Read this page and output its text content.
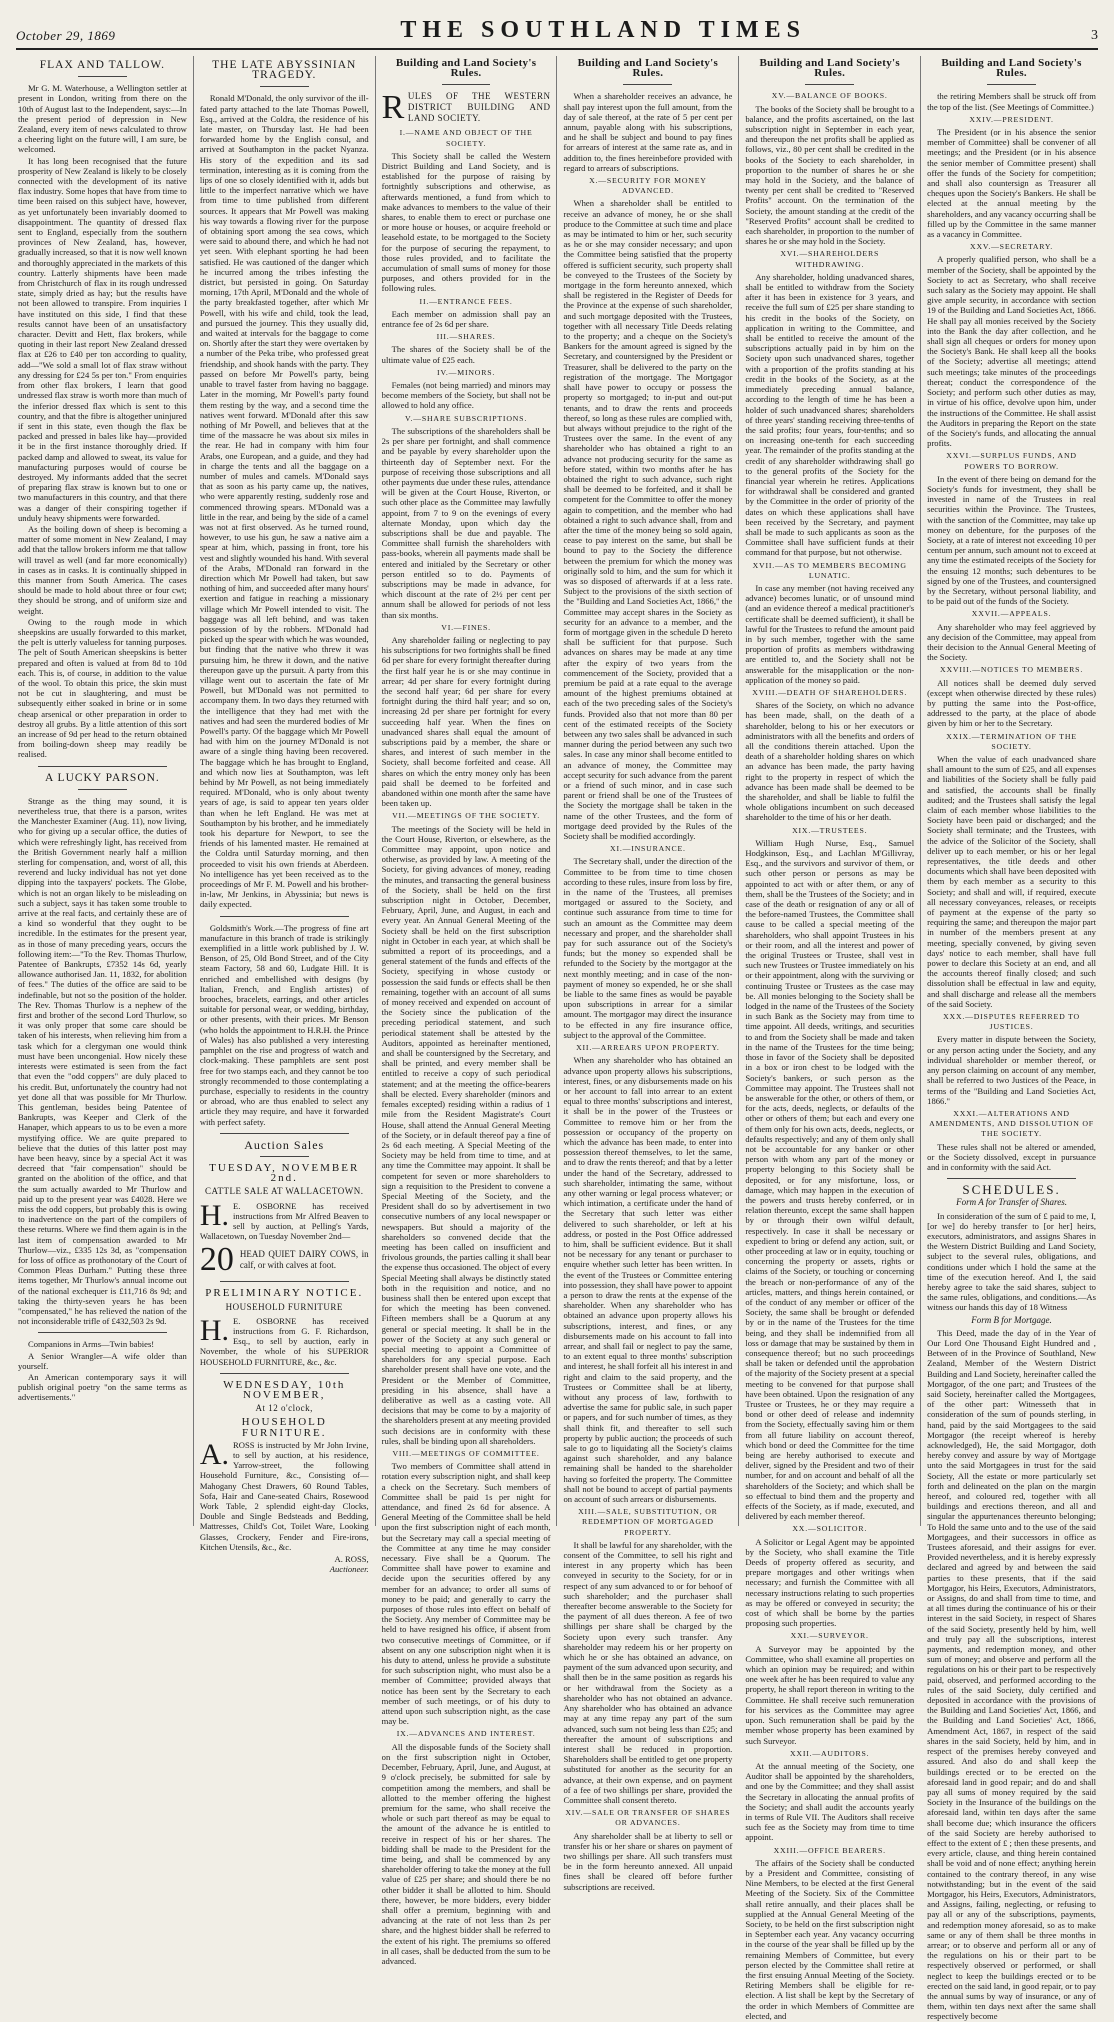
October 29, 1869	THE SOUTHLAND TIMES	3
FLAX AND TALLOW.

Mr G. M. Waterhouse, a Wellington settler at present in London, writing from there on the 10th of August last to the Independent, says:—In the present period of depression in New Zealand, every item of news calculated to throw a cheering light on the future will, I am sure, be welcomed.

It has long been recognised that the future prosperity of New Zealand is likely to be closely connected with the development of its native flax industry. Some hopes that have from time to time been raised on this subject have, however, as yet unfortunately been invariably doomed to disappointment. The quantity of dressed flax sent to England, especially from the southern provinces of New Zealand, has, however, gradually increased, so that it is now well known and thoroughly appreciated in the markets of this country. Latterly shipments have been made from Christchurch of flax in its rough undressed state, simply dried as hay; but the results have not been allowed to transpire. From inquiries I have instituted on this side, I find that these results cannot have been of an unsatisfactory character. Devitt and Hett, flax brokers, while quoting in their last report New Zealand dressed flax at £26 to £40 per ton according to quality, add—"We sold a small lot of flax straw without any dressing for £24 5s per ton." From enquiries from other flax brokers, I learn that good undressed flax straw is worth more than much of the inferior dressed flax which is sent to this country, and that the fibre is altogether uninjured if sent in this state, even though the flax be packed and pressed in bales like hay—provided it be in the first instance thoroughly dried. If packed damp and allowed to sweat, its value for manufacturing purposes would of course be destroyed. My informants added that the secret of preparing flax straw is known but to one or two manufacturers in this country, and that there was a danger of their conspiring together if unduly heavy shipments were forwarded.

As the boiling down of sheep is becoming a matter of some moment in New Zealand, I may add that the tallow brokers inform me that tallow will travel as well (and far more economically) in cases as in casks. It is continually shipped in this manner from South America. The cases should be made to hold about three or four cwt; they should be strong, and of uniform size and weight.

Owing to the rough mode in which sheepskins are usually forwarded to this market, the pelt is utterly valueless for tanning purposes. The pelt of South American sheepskins is better prepared and often is valued at from 8d to 10d each. This is, of course, in addition to the value of the wool. To obtain this price, the skin must not be cut in slaughtering, and must be subsequently either soaked in brine or in some cheap arsenical or other preparation in order to destroy all grubs. By a little attention of this sort an increase of 9d per head to the return obtained from boiling-down sheep may readily be realised.

A LUCKY PARSON.

Strange as the thing may sound, it is nevertheless true, that there is a parson, writes the Manchester Examiner (Aug. 11), now living, who for giving up a secular office, the duties of which were refreshingly light, has received from the British Government nearly half a million sterling for compensation, and, worst of all, this reverend and lucky individual has not yet done dipping into the taxpayers' pockets. The Globe, which is not an organ likely to be misleading on such a subject, says it has taken some trouble to arrive at the real facts, and certainly these are of a kind so wonderful that they ought to be incredible. In the estimates for the present year, as in those of many preceding years, occurs the following item:—"To the Rev. Thomas Thurlow, Patentee of Bankrupts, £7352 14s 6d, yearly allowance authorised Jan. 11, 1832, for abolition of fees." The duties of the office are said to be indefinable, but not so the position of the holder. The Rev. Thomas Thurlow is a nephew of the first and brother of the second Lord Thurlow, so it was only proper that some care should be taken of his interests, when relieving him from a task which for a clergyman one would think must have been uncongenial. How nicely these interests were estimated is seen from the fact that even the "odd coppers" are duly placed to his credit. But, unfortunately the country had not yet done all that was possible for Mr Thurlow. This gentleman, besides being Patentee of Bankrupts, was Keeper and Clerk of the Hanaper, which appears to us to be even a more mystifying office. We are quite prepared to believe that the duties of this latter post may have been heavy, since by a special Act it was decreed that "fair compensation" should be granted on the abolition of the office, and that the sum actually awarded to Mr Thurlow and paid up to the present year was £4028. Here we miss the odd coppers, but probably this is owing to inadvertence on the part of the compilers of these returns. Where we find them again is in the last item of compensation awarded to Mr Thurlow—viz., £335 12s 3d, as "compensation for loss of office as prothonotary of the Court of Common Pleas Durham." Putting these three items together, Mr Thurlow's annual income out of the national exchequer is £11,716 8s 9d; and taking the thirty-seven years he has been "compensated," he has relieved the nation of the not inconsiderable trifle of £432,503 2s 9d.

Companions in Arms—Twin babies!

A Senior Wrangler—A wife older than yourself.

An American contemporary says it will publish original poetry "on the same terms as advertisements."

THE LATE ABYSSINIAN TRAGEDY.

Ronald M'Donald, the only survivor of the ill-fated party attached to the late Thomas Powell, Esq., arrived at the Coldra, the residence of his late master, on Thursday last. He had been forwarded home by the English consul, and arrived at Southampton in the packet Nyanza. His story of the expedition and its sad termination, interesting as it is coming from the lips of one so closely identified with it, adds but little to the imperfect narrative which we have from time to time published from different sources. It appears that Mr Powell was making his way towards a flowing river for the purpose of obtaining sport among the sea cows, which were said to abound there, and which he had not yet seen. With elephant sporting he had been satisfied. He was cautioned of the danger which he incurred among the tribes infesting the district, but persisted in going. On Saturday morning, 17th April, M'Donald and the whole of the party breakfasted together, after which Mr Powell, with his wife and child, took the lead, and pursued the journey. This they usually did, and waited at intervals for the baggage to come on. Shortly after the start they were overtaken by a number of the Peka tribe, who professed great friendship, and shook hands with the party. They passed on before Mr Powell's party, being unable to travel faster from having no baggage. Later in the morning, Mr Powell's party found them resting by the way, and a second time the natives went forward. M'Donald after this saw nothing of Mr Powell, and believes that at the time of the massacre he was about six miles in the rear. He had in company with him four Arabs, one European, and a guide, and they had in charge the tents and all the baggage on a number of mules and camels. M'Donald says that as soon as his party came up, the natives, who were apparently resting, suddenly rose and commenced throwing spears. M'Donald was a little in the rear, and being by the side of a camel was not at first observed. As he turned round, however, to use his gun, he saw a native aim a spear at him, which, passing in front, tore his vest and slightly wounded his hand. With several of the Arabs, M'Donald ran forward in the direction which Mr Powell had taken, but saw nothing of him, and succeeded after many hours' exertion and fatigue in reaching a missionary village which Mr Powell intended to visit. The baggage was all left behind, and was taken possession of by the robbers. M'Donald had picked up the spear with which he was wounded, but finding that the native who threw it was pursuing him, he threw it down, and the native thereupon gave up the pursuit. A party from this village went out to ascertain the fate of Mr Powell, but M'Donald was not permitted to accompany them. In two days they returned with the intelligence that they had met with the natives and had seen the murdered bodies of Mr Powell's party. Of the baggage which Mr Powell had with him on the journey M'Donald is not aware of a single thing having been recovered. The baggage which he has brought to England, and which now lies at Southampton, was left behind by Mr Powell, as not being immediately required. M'Donald, who is only about twenty years of age, is said to appear ten years older than when he left England. He was met at Southampton by his brother, and he immediately took his departure for Newport, to see the friends of his lamented master. He remained at the Coldra until Saturday morning, and then proceeded to visit his own friends at Aberdeen. No intelligence has yet been received as to the proceedings of Mr F. M. Powell and his brother-in-law, Mr Jenkins, in Abyssinia; but news is daily expected.

Goldsmith's Work.—The progress of fine art manufacture in this branch of trade is strikingly exemplified in a little work published by J. W. Benson, of 25, Old Bond Street, and of the City steam Factory, 58 and 60, Ludgate Hill. It is enriched and embellished with designs (by Italian, French, and English artistes) of brooches, bracelets, earrings, and other articles suitable for personal wear, or wedding, birthday, or other presents, with their prices. Mr Benson (who holds the appointment to H.R.H. the Prince of Wales) has also published a very interesting pamphlet on the rise and progress of watch and clock-making. These pamphlets are sent post free for two stamps each, and they cannot be too strongly recommended to those contemplating a purchase, especially to residents in the country or abroad, who are thus enabled to select any article they may require, and have it forwarded with perfect safety.

Auction Sales
TUESDAY, NOVEMBER 2nd.
CATTLE SALE AT WALLACETOWN.

H. E. OSBORNE has received instructions from Mr Alfred Beaven to sell by auction, at Pelling's Yards, Wallacetown, on Tuesday November 2nd—

20 HEAD QUIET DAIRY COWS, in calf, or with calves at foot.
PRELIMINARY NOTICE.
HOUSEHOLD FURNITURE

H. E. OSBORNE has received instructions from G. F. Richardson, Esq., to sell by auction, early in November, the whole of his SUPERIOR HOUSEHOLD FURNITURE, &c., &c.

WEDNESDAY, 10th NOVEMBER,
At 12 o'clock,
HOUSEHOLD FURNITURE.

A. ROSS is instructed by Mr John Irvine, to sell by auction, at his residence, Yarrow-street, the following Household Furniture, &c., Consisting of— Mahogany Chest Drawers, 60 Round Tables, Sofa, Hair and Cane-seated Chairs, Rosewood Work Table, 2 splendid eight-day Clocks, Double and Single Bedsteads and Bedding, Mattresses, Child's Cot, Toilet Ware, Looking Glasses, Crockery, Fender and Fire-irons, Kitchen Utensils, &c., &c.

A. ROSS,
Auctioneer.
Building and Land Society's Rules.
RULES OF THE WESTERN DISTRICT BUILDING AND LAND SOCIETY.
I.—NAME AND OBJECT OF THE SOCIETY.

This Society shall be called the Western District Building and Land Society, and is established for the purpose of raising by fortnightly subscriptions and otherwise, as afterwards mentioned, a fund from which to make advances to members to the value of their shares, to enable them to erect or purchase one or more house or houses, or acquire freehold or leasehold estate, to be mortgaged to the Society for the purpose of securing the repayment, to those rules provided, and to facilitate the accumulation of small sums of money for those purposes, and others provided for in the following rules.

II.—ENTRANCE FEES.

Each member on admission shall pay an entrance fee of 2s 6d per share.

III.—SHARES.

The shares of the Society shall be of the ultimate value of £25 each.

IV.—MINORS.

Females (not being married) and minors may become members of the Society, but shall not be allowed to hold any office.

V.—SHARE SUBSCRIPTIONS.

The subscriptions of the shareholders shall be 2s per share per fortnight, and shall commence and be payable by every shareholder upon the thirteenth day of September next. For the purpose of receiving those subscriptions and all other payments due under these rules, attendance will be given at the Court House, Riverton, or such other place as the Committee may lawfully appoint, from 7 to 9 on the evenings of every alternate Monday, upon which day the subscriptions shall be due and payable. The Committee shall furnish the shareholders with pass-books, wherein all payments made shall be entered and initialed by the Secretary or other person entitled so to do. Payments of subscriptions may be made in advance, for which discount at the rate of 2½ per cent per annum shall be allowed for periods of not less than six months.

VI.—FINES.

Any shareholder failing or neglecting to pay his subscriptions for two fortnights shall be fined 6d per share for every fortnight thereafter during the first half year he is or she may continue in arrear; 4d per share for every fortnight during the second half year; 6d per share for every fortnight during the third half year; and so on, increasing 2d per share per fortnight for every succeeding half year. When the fines on unadvanced shares shall equal the amount of subscriptions paid by a member, the share or shares, and interest of such member in the Society, shall become forfeited and cease. All shares on which the entry money only has been paid shall be deemed to be forfeited and abandoned within one month after the same have been taken up.

VII.—MEETINGS OF THE SOCIETY.

The meetings of the Society will be held in the Court House, Riverton, or elsewhere, as the Committee may appoint, upon notice and otherwise, as provided by law. A meeting of the Society, for giving advances of money, reading the minutes, and transacting the general business of the Society, shall be held on the first subscription night in October, December, February, April, June, and August, in each and every year. An Annual General Meeting of the Society shall be held on the first subscription night in October in each year, at which shall be submitted a report of its proceedings, and a general statement of the funds and effects of the Society, specifying in whose custody or possession the said funds or effects shall be then remaining, together with an account of all sums of money received and expended on account of the Society since the publication of the preceding periodical statement, and such periodical statement shall be attested by the Auditors, appointed as hereinafter mentioned, and shall be countersigned by the Secretary, and shall be printed, and every member shall be entitled to receive a copy of such periodical statement; and at the meeting the office-bearers shall be elected. Every shareholder (minors and females excepted) residing within a radius of 1 mile from the Resident Magistrate's Court House, shall attend the Annual General Meeting of the Society, or in default thereof pay a fine of 2s 6d each meeting. A Special Meeting of the Society may be held from time to time, and at any time the Committee may appoint. It shall be competent for seven or more shareholders to sign a requisition to the President to convene a Special Meeting of the Society, and the President shall do so by advertisement in two consecutive numbers of any local newspaper or newspapers. But should a majority of the shareholders so convened decide that the meeting has been called on insufficient and frivolous grounds, the parties calling it shall bear the expense thus occasioned. The object of every Special Meeting shall always be distinctly stated both in the requisition and notice, and no business shall then be entered upon except that for which the meeting has been convened. Fifteen members shall be a Quorum at any general or special meeting. It shall be in the power of the Society at any such general or special meeting to appoint a Committee of shareholders for any special purpose. Each shareholder present shall have one vote, and the President or the Member of Committee, presiding in his absence, shall have a deliberative as well as a casting vote. All decisions that may be come to by a majority of the shareholders present at any meeting provided such decisions are in conformity with these rules, shall be binding upon all shareholders.

VIII.—MEETINGS OF COMMITTEE.

Two members of Committee shall attend in rotation every subscription night, and shall keep a check on the Secretary. Such members of Committee shall be paid 1s per night for attendance, and fined 2s 6d for absence. A General Meeting of the Committee shall be held upon the first subscription night of each month, but the Secretary may call a special meeting of the Committee at any time he may consider necessary. Five shall be a Quorum. The Committee shall have power to examine and decide upon the securities offered by any member for an advance; to order all sums of money to be paid; and generally to carry the purposes of those rules into effect on behalf of the Society. Any member of Committee may be held to have resigned his office, if absent from two consecutive meetings of Committee, or if absent on any one subscription night when it is his duty to attend, unless he provide a substitute for such subscription night, who must also be a member of Committee; provided always that notice has been sent by the Secretary to each member of such meetings, or of his duty to attend upon such subscription night, as the case may be.

IX.—ADVANCES AND INTEREST.

All the disposable funds of the Society shall on the first subscription night in October, December, February, April, June, and August, at 9 o'clock precisely, be submitted for sale by competition among the members, and shall be allotted to the member offering the highest premium for the same, who shall receive the whole or such part thereof as may be equal to the amount of the advance he is entitled to receive in respect of his or her shares. The bidding shall be made to the President for the time being, and shall be commenced by any shareholder offering to take the money at the full value of £25 per share; and should there be no other bidder it shall be allotted to him. Should there, however, be more bidders, every bidder shall offer a premium, beginning with and advancing at the rate of not less than 2s per share, and the highest bidder shall be referred to the extent of his right. The premiums so offered in all cases, shall be deducted from the sum to be advanced.

Building and Land Society's Rules.

When a shareholder receives an advance, he shall pay interest upon the full amount, from the day of sale thereof, at the rate of 5 per cent per annum, payable along with his subscriptions, and he shall be subject and bound to pay fines for arrears of interest at the same rate as, and in addition to, the fines hereinbefore provided with regard to arrears of subscriptions.

X.—SECURITY FOR MONEY ADVANCED.

When a shareholder shall be entitled to receive an advance of money, he or she shall produce to the Committee at such time and place as may be intimated to him or her, such security as he or she may consider necessary; and upon the Committee being satisfied that the property offered is sufficient security, such property shall be conveyed to the Trustees of the Society by mortgage in the form hereunto annexed, which shall be registered in the Register of Deeds for the Province at the expense of such shareholder, and such mortgage deposited with the Trustees, together with all necessary Title Deeds relating to the property; and a cheque on the Society's Bankers for the amount agreed is signed by the Secretary, and countersigned by the President or Treasurer, shall be delivered to the party on the registration of the mortgage. The Mortgagor shall have power to occupy or possess the property so mortgaged; to in-put and out-put tenants, and to draw the rents and proceeds thereof, so long as these rules are complied with, but always without prejudice to the right of the Trustees over the same. In the event of any shareholder who has obtained a right to an advance not producing security for the same as before stated, within two months after he has obtained the right to such advance, such right shall be deemed to be forfeited, and it shall be competent for the Committee to offer the money again to competition, and the member who had obtained a right to such advance shall, from and after the time of the money being so sold again, cease to pay interest on the same, but shall be bound to pay to the Society the difference between the premium for which the money was originally sold to him, and the sum for which it was so disposed of afterwards if at a less rate. Subject to the provisions of the sixth section of the "Building and Land Societies Act, 1866," the Committee may accept shares in the Society as security for an advance to a member, and the form of mortgage given in the schedule D hereto shall be sufficient for that purpose. Such advances on shares may be made at any time after the expiry of two years from the commencement of the Society, provided that a premium be paid at a rate equal to the average amount of the highest premiums obtained at each of the two preceding sales of the Society's funds. Provided also that not more than 80 per cent of the estimated receipts of the Society between any two sales shall be advanced in such manner during the period between any such two sales. In case any minor shall become entitled to an advance of money, the Committee may accept security for such advance from the parent or a friend of such minor, and in case such parent or friend shall be one of the Trustees of the Society the mortgage shall be taken in the name of the other Trustees, and the form of mortgage deed provided by the Rules of the Society shall be modified accordingly.

XI.—INSURANCE.

The Secretary shall, under the direction of the Committee to be from time to time chosen according to these rules, insure from loss by fire, in the name of the Trustees, all premises mortgaged or assured to the Society, and continue such assurance from time to time for such an amount as the Committee may deem necessary and proper, and the shareholder shall pay for such assurance out of the Society's funds; but the money so expended shall be refunded to the Society by the mortgagor at the next monthly meeting; and in case of the non-payment of money so expended, he or she shall be liable to the same fines as would be payable upon subscriptions in arrear for a similar amount. The mortgagor may direct the insurance to be effected in any fire insurance office, subject to the approval of the Committee.

XII.—ARREARS UPON PROPERTY.

When any shareholder who has obtained an advance upon property allows his subscriptions, interest, fines, or any disbursements made on his or her account to fall into arrear to an extent equal to three months' subscriptions and interest, it shall be in the power of the Trustees or Committee to remove him or her from the possession or occupancy of the property on which the advance has been made, to enter into possession thereof themselves, to let the same, and to draw the rents thereof; and that by a letter under the hand of the Secretary, addressed to such shareholder, intimating the same, without any other warning or legal process whatever; or which intimation, a certificate under the hand of the Secretary that such letter was either delivered to such shareholder, or left at his address, or posted in the Post Office addressed to him, shall be sufficient evidence. But it shall not be necessary for any tenant or purchaser to enquire whether such letter has been written. In the event of the Trustees or Committee entering into possession, they shall have power to appoint a person to draw the rents at the expense of the shareholder. When any shareholder who has obtained an advance upon property allows his subscriptions, interest, and fines, or any disbursements made on his account to fall into arrear, and shall fail or neglect to pay the same, to an extent equal to three months' subscription and interest, he shall forfeit all his interest in and right and claim to the said property, and the Trustees or Committee shall be at liberty, without any process of law, forthwith to advertise the same for public sale, in such paper or papers, and for such number of times, as they shall think fit, and thereafter to sell such property by public auction; the proceeds of such sale to go to liquidating all the Society's claims against such shareholder, and any balance remaining shall be handed to the shareholder having so forfeited the property. The Committee shall not be bound to accept of partial payments on account of such arrears or disbursements.

XIII.—SALE, SUBSTITUTION, OR REDEMPTION OF MORTGAGED PROPERTY.

It shall be lawful for any shareholder, with the consent of the Committee, to sell his right and interest in any property which has been conveyed in security to the Society, for or in respect of any sum advanced to or for behoof of such shareholder; and the purchaser shall thereafter become answerable to the Society for the payment of all dues thereon. A fee of two shillings per share shall be charged by the Society upon every such transfer. Any shareholder may redeem his or her property on which he or she has obtained an advance, on payment of the sum advanced upon security, and shall then be in the same position as regards his or her withdrawal from the Society as a shareholder who has not obtained an advance. Any shareholder who has obtained an advance may at any time repay any part of the sum advanced, such sum not being less than £25; and thereafter the amount of subscriptions and interest shall be reduced in proportion. Shareholders shall be entitled to get one property substituted for another as the security for an advance, at their own expense, and on payment of a fee of two shillings per share, provided the Committee shall consent thereto.

XIV.—SALE OR TRANSFER OF SHARES OR ADVANCES.

Any shareholder shall be at liberty to sell or transfer his or her share or shares on payment of two shillings per share. All such transfers must be in the form hereunto annexed. All unpaid fines shall be cleared off before further subscriptions are received.

Building and Land Society's Rules.
XV.—BALANCE OF BOOKS.

The books of the Society shall be brought to a balance, and the profits ascertained, on the last subscription night in September in each year, and thereupon the net profits shall be applied as follows, viz., 80 per cent shall be credited in the books of the Society to each shareholder, in proportion to the number of shares he or she may hold in the Society, and the balance of twenty per cent shall be credited to "Reserved Profits" account. On the termination of the Society, the amount standing at the credit of the "Reserved Profits" account shall be credited to each shareholder, in proportion to the number of shares he or she may hold in the Society.

XVI.—SHAREHOLDERS WITHDRAWING.

Any shareholder, holding unadvanced shares, shall be entitled to withdraw from the Society after it has been in existence for 3 years, and receive the full sum of £25 per share standing to his credit in the books of the Society, on application in writing to the Committee, and shall be entitled to receive the amount of the subscriptions actually paid in by him on the Society upon such unadvanced shares, together with a proportion of the profits standing at his credit in the books of the Society, as at the immediately preceding annual balance, according to the length of time he has been a holder of such unadvanced shares; shareholders of three years' standing receiving three-tenths of the said profits; four years, four-tenths; and so on increasing one-tenth for each succeeding year. The remainder of the profits standing at the credit of any shareholder withdrawing shall go to the general profits of the Society for the financial year wherein he retires. Applications for withdrawal shall be considered and granted by the Committee in the order of priority of the dates on which these applications shall have been received by the Secretary, and payment shall be made to such applicants as soon as the Committee shall have sufficient funds at their command for that purpose, but not otherwise.

XVII.—AS TO MEMBERS BECOMING LUNATIC.

In case any member (not having received any advance) becomes lunatic, or of unsound mind (and an evidence thereof a medical practitioner's certificate shall be deemed sufficient), it shall be lawful for the Trustees to refund the amount paid in by such member, together with the same proportion of profits as members withdrawing are entitled to, and the Society shall not be answerable for the misapplication or the non-application of the money so paid.

XVIII.—DEATH OF SHAREHOLDERS.

Shares of the Society, on which no advance has been made, shall, on the death of a shareholder, belong to his or her executors or administrators with all the benefits and orders of all the conditions therein attached. Upon the death of a shareholder holding shares on which an advance has been made, the party having right to the property in respect of which the advance has been made shall be deemed to be the shareholder, and shall be liable to fulfil the whole obligations incumbent on such deceased shareholder to the time of his or her death.

XIX.—TRUSTEES.

William Hugh Nurse, Esq., Samuel Hodgkinson, Esq., and Lachlan M'Gillivray, Esq., and the survivors and survivor of them, or such other person or persons as may be appointed to act with or after them, or any of them, shall be the Trustees of the Society; and in case of the death or resignation of any or all of the before-named Trustees, the Committee shall cause to be called a special meeting of the shareholders, who shall appoint Trustees in his or their room, and all the interest and power of the original Trustees or Trustee, shall vest in such new Trustees or Trustee immediately on his or their appointment, along with the surviving or continuing Trustee or Trustees as the case may be. All monies belonging to the Society shall be lodged in the name of the Trustees of the Society in such Bank as the Society may from time to time appoint. All deeds, writings, and securities to and from the Society shall be made and taken in the name of the Trustees for the time being; those in favor of the Society shall be deposited in a box or iron chest to be lodged with the Society's bankers, or such person as the Committee may appoint. The Trustees shall not be answerable for the other, or others of them, or for the acts, deeds, neglects, or defaults of the other or others of them; but each and every one of them only for his own acts, deeds, neglects, or defaults respectively; and any of them only shall not be accountable for any banker or other person with whom any part of the money or property belonging to this Society shall be deposited, or for any misfortune, loss, or damage, which may happen in the execution of the powers and trusts hereby conferred, or in relation thereunto, except the same shall happen by or through their own wilful default, respectively. In case it shall be necessary or expedient to bring or defend any action, suit, or other proceeding at law or in equity, touching or concerning the property or assets, rights or claims of the Society, or touching or concerning the breach or non-performance of any of the articles, matters, and things herein contained, or of the conduct of any member or officer of the Society, the same shall be brought or defended by or in the name of the Trustees for the time being, and they shall be indemnified from all loss or damage that may be sustained by them in consequence thereof; but no such proceedings shall be taken or defended until the approbation of the majority of the Society present at a special meeting to be convened for that purpose shall have been obtained. Upon the resignation of any Trustee or Trustees, he or they may require a bond or other deed of release and indemnity from the Society, effectually saving him or them from all future liability on account thereof, which bond or deed the Committee for the time being are hereby authorised to execute and deliver, signed by the President and two of their number, for and on account and behalf of all the shareholders of the Society; and which shall be so effectual to bind them and the property and effects of the Society, as if made, executed, and delivered by each member thereof.

XX.—SOLICITOR.

A Solicitor or Legal Agent may be appointed by the Society, who shall examine the Title Deeds of property offered as security, and prepare mortgages and other writings when necessary; and furnish the Committee with all necessary instructions relating to such properties as may be offered or conveyed in security; the cost of which shall be borne by the parties proposing such properties.

XXI.—SURVEYOR.

A Surveyor may be appointed by the Committee, who shall examine all properties on which an opinion may be required; and within one week after he has been required to value any property, he shall report thereon in writing to the Committee. He shall receive such remuneration for his services as the Committee may agree upon. Such remuneration shall be paid by the member whose property has been examined by such Surveyor.

XXII.—AUDITORS.

At the annual meeting of the Society, one Auditor shall be appointed by the shareholders, and one by the Committee; and they shall assist the Secretary in allocating the annual profits of the Society; and shall audit the accounts yearly in terms of Rule VII. The Auditors shall receive such fee as the Society may from time to time appoint.

XXIII.—OFFICE BEARERS.

The affairs of the Society shall be conducted by a President and Committee, consisting of Nine Members, to be elected at the first General Meeting of the Society. Six of the Committee shall retire annually, and their places shall be supplied at the Annual General Meeting of the Society, to be held on the first subscription night in September each year. Any vacancy occurring in the course of the year shall be filled up by the remaining Members of Committee, but every person elected by the Committee shall retire at the first ensuing Annual Meeting of the Society. Retiring Members shall be eligible for re-election. A list shall be kept by the Secretary of the order in which Members of Committee are elected, and

Building and Land Society's Rules.

the retiring Members shall be struck off from the top of the list. (See Meetings of Committee.)

XXIV.—PRESIDENT.

The President (or in his absence the senior member of Committee) shall be convener of all meetings; and the President (or in his absence the senior member of Committee present) shall offer the funds of the Society for competition; and shall also countersign as Treasurer all cheques upon the Society's Bankers. He shall be elected at the annual meeting by the shareholders, and any vacancy occurring shall be filled up by the Committee in the same manner as a vacancy in Committee.

XXV.—SECRETARY.

A properly qualified person, who shall be a member of the Society, shall be appointed by the Society to act as Secretary, who shall receive such salary as the Society may appoint. He shall give ample security, in accordance with section 19 of the Building and Land Societies Act, 1866. He shall pay all monies received by the Society into the Bank the day after collection, and he shall sign all cheques or orders for money upon the Society's Bank. He shall keep all the books of the Society; advertise all meetings; attend such meetings; take minutes of the proceedings thereat; conduct the correspondence of the Society; and perform such other duties as may, in virtue of his office, devolve upon him, under the instructions of the Committee. He shall assist the Auditors in preparing the Report on the state of the Society's funds, and allocating the annual profits.

XXVI.—SURPLUS FUNDS, AND POWERS TO BORROW.

In the event of there being on demand for the Society's funds for investment, they shall be invested in name of the Trustees in real securities within the Province. The Trustees, with the sanction of the Committee, may take up money on debenture, for the purposes of the Society, at a rate of interest not exceeding 10 per centum per annum, such amount not to exceed at any time the estimated receipts of the Society for the ensuing 12 months; such debentures to be signed by one of the Trustees, and countersigned by the Secretary, without personal liability, and to be paid out of the funds of the Society.

XXVII.—APPEALS.

Any shareholder who may feel aggrieved by any decision of the Committee, may appeal from their decision to the Annual General Meeting of the Society.

XXVIII.—NOTICES TO MEMBERS.

All notices shall be deemed duly served (except when otherwise directed by these rules) by putting the same into the Post-office, addressed to the party, at the place of abode given by him or her to the Secretary.

XXIX.—TERMINATION OF THE SOCIETY.

When the value of each unadvanced share shall amount to the sum of £25, and all expenses and liabilities of the Society shall be fully paid and satisfied, the accounts shall be finally audited; and the Trustees shall satisfy the legal claim of each member whose liabilities to the Society have been paid or discharged; and the Society shall terminate; and the Trustees, with the advice of the Solicitor of the Society, shall deliver up to each member, or his or her legal representatives, the title deeds and other documents which shall have been deposited with them by each member as a security to this Society; and shall and will, if required, execute all necessary conveyances, releases, or receipts of payment at the expense of the party so requiring the same; and thereupon the major part in number of the members present at any meeting, specially convened, by giving seven days' notice to each member, shall have full power to declare this Society at an end, and all the accounts thereof finally closed; and such dissolution shall be effectual in law and equity, and shall discharge and release all the members of the said Society.

XXX.—DISPUTES REFERRED TO JUSTICES.

Every matter in dispute between the Society, or any person acting under the Society, and any individual shareholder or member thereof, or any person claiming on account of any member, shall be referred to two Justices of the Peace, in terms of the "Building and Land Societies Act, 1866."

XXXI.—ALTERATIONS AND AMENDMENTS, AND DISSOLUTION OF THE SOCIETY.

These rules shall not be altered or amended, or the Society dissolved, except in pursuance and in conformity with the said Act.

SCHEDULES.
Form A for Transfer of Shares.

In consideration of the sum of £ paid to me, I, [or we] do hereby transfer to [or her] heirs, executors, administrators, and assigns Shares in the Western District Building and Land Society, subject to the several rules, obligations, and conditions under which I hold the same at the time of the execution hereof. And I, the said hereby agree to take the said shares, subject to the same rules, obligations, and conditions.—As witness our hands this day of 18 Witness

Form B for Mortgage.

This Deed, made the day of in the Year of Our Lord One Thousand Eight Hundred and , Between of in the Province of Southland, New Zealand, Member of the Western District Building and Land Society, hereinafter called the Mortgagor, of the one part; and Trustees of the said Society, hereinafter called the Mortgagees, of the other part: Witnesseth that in consideration of the sum of pounds sterling, in hand, paid by the said Mortgagees to the said Mortgagor (the receipt whereof is hereby acknowledged), He, the said Mortgagor, doth hereby convey and assure by way of Mortgage unto the said Mortgagees in trust for the said Society, All the estate or more particularly set forth and delineated on the plan on the margin hereof, and coloured red, together with all buildings and erections thereon, and all and singular the appurtenances thereunto belonging; To Hold the same unto and to the use of the said Mortgagees, and their successors in office as Trustees aforesaid, and their assigns for ever. Provided nevertheless, and it is hereby expressly declared and agreed by and between the said parties to these presents, that if the said Mortgagor, his Heirs, Executors, Administrators, or Assigns, do and shall from time to time, and at all times during the continuance of his or their interest in the said Society, in respect of Shares of the said Society, presently held by him, well and truly pay all the subscriptions, interest payments, and redemption money, and other sum of money; and observe and perform all the regulations on his or their part to be respectively paid, observed, and performed according to the rules of the said Society, duly certified and deposited in accordance with the provisions of the Building and Land Societies' Act, 1866, and the Building and Land Societies' Act, 1866, Amendment Act, 1867, in respect of the said shares in the said Society, held by him, and in respect of the premises hereby conveyed and assured. And also do and shall keep the buildings erected or to be erected on the aforesaid land in good repair; and do and shall pay all sums of money required by the said Society in the Insurance of the buildings on the aforesaid land, within ten days after the same shall become due; which insurance the officers of the said Society are hereby authorised to effect to the extent of £ ; then these presents, and every article, clause, and thing herein contained shall be void and of none effect; anything herein contained to the contrary thereof, in any wise notwithstanding; but in the event of the said Mortgagor, his Heirs, Executors, Administrators, and Assigns, failing, neglecting, or refusing to pay all or any of the subscriptions, payments, and redemption money aforesaid, so as to make same or any of them shall be three months in arrear; or to observe and perform all or any of the regulations on his or their part to be respectively observed or performed, or shall neglect to keep the buildings erected or to be erected on the said land, in good repair, or to pay the annual sums by way of insurance, or any of them, within ten days next after the same shall respectively become
